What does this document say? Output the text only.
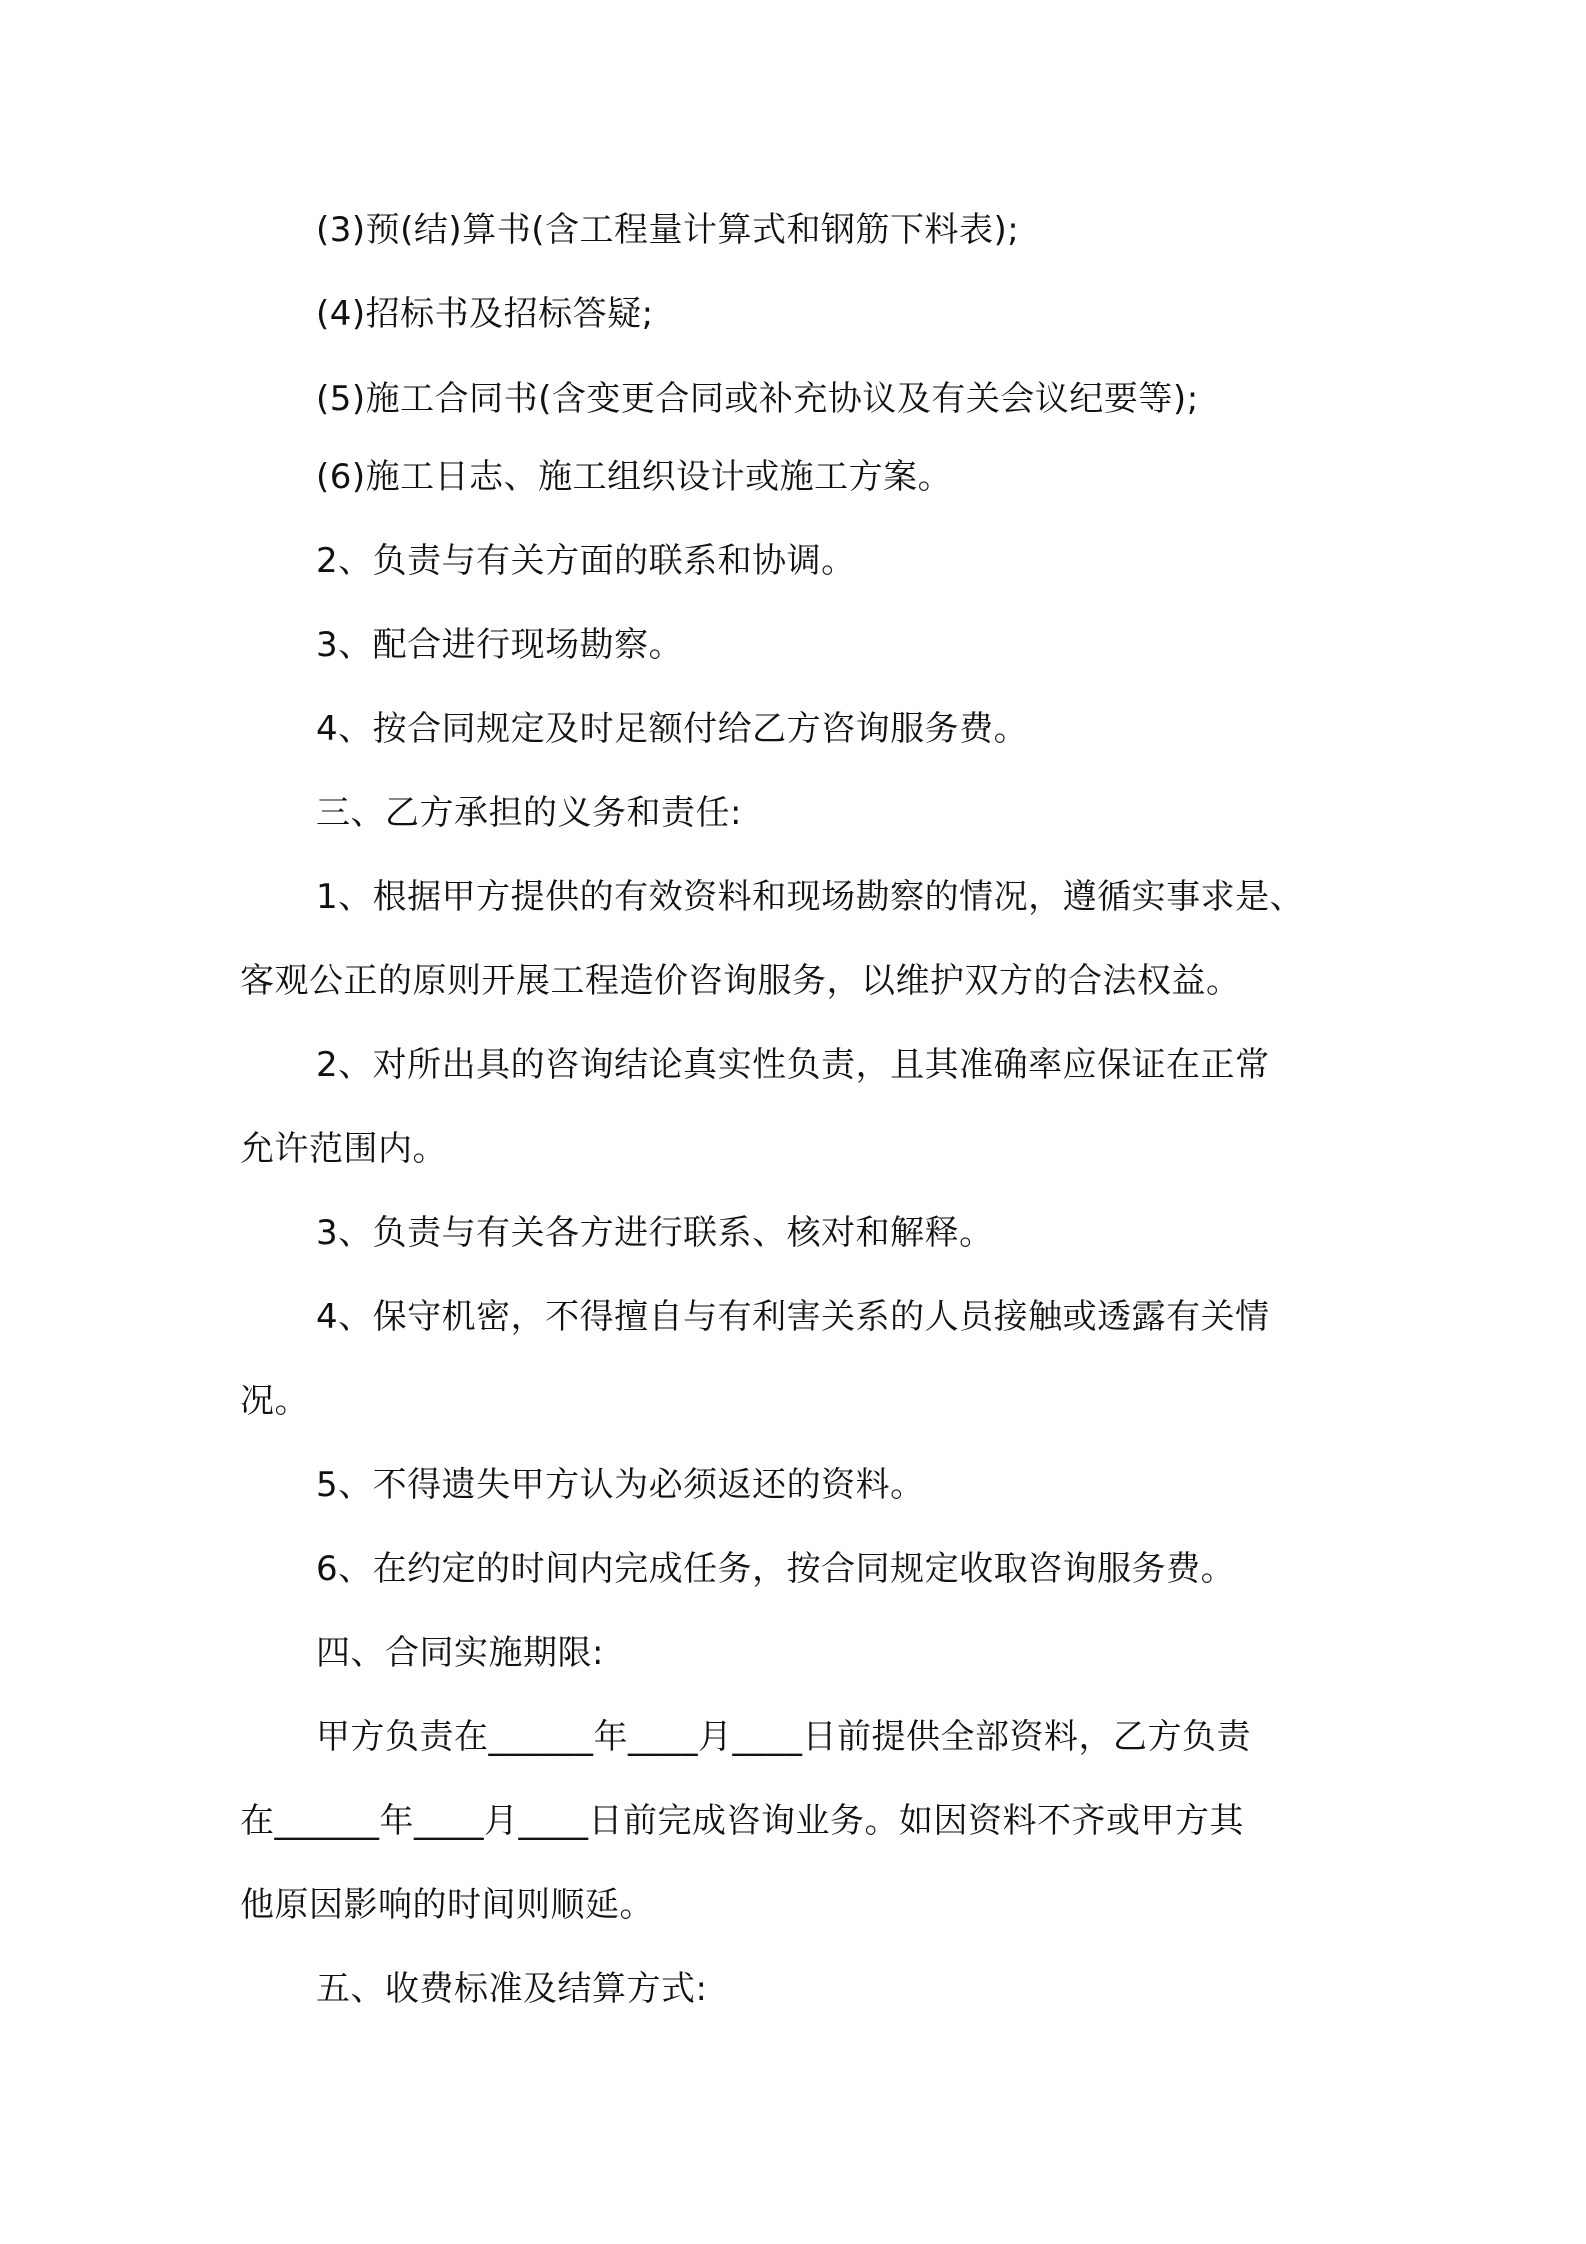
(3)预(结)算书(含工程量计算式和钢筋下料表);
(4)招标书及招标答疑;
(5)施工合同书(含变更合同或补充协议及有关会议纪要等);
(6)施工日志、施工组织设计或施工方案。
2、负责与有关方面的联系和协调。
3、配合进行现场勘察。
4、按合同规定及时足额付给乙方咨询服务费。
三、乙方承担的义务和责任:
1、根据甲方提供的有效资料和现场勘察的情况，遵循实事求是、
客观公正的原则开展工程造价咨询服务，以维护双方的合法权益。
2、对所出具的咨询结论真实性负责，且其准确率应保证在正常
允许范围内。
3、负责与有关各方进行联系、核对和解释。
4、保守机密，不得擅自与有利害关系的人员接触或透露有关情
况。
5、不得遗失甲方认为必须返还的资料。
6、在约定的时间内完成任务，按合同规定收取咨询服务费。
四、合同实施期限:
甲方负责在______年____月____日前提供全部资料，乙方负责
在______年____月____日前完成咨询业务。如因资料不齐或甲方其
他原因影响的时间则顺延。
五、收费标准及结算方式:
